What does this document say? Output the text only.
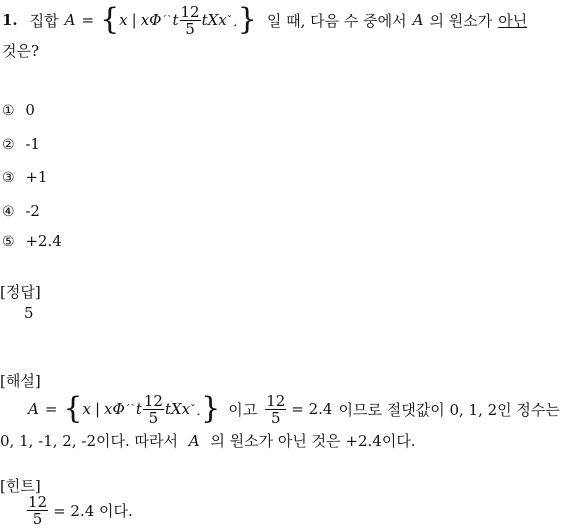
1. 집합 A = { x | xΦ ´` t $\frac{12}{5}$ tXx ˇ ¸ } 일 때, 다음 수 중에서 A 의 원소가 아닌
것은?
① 0
② -1
③ +1
④ -2
⑤ +2.4
[정답]
5
[해설]
A = { x | xΦ ´` t $\frac{12}{5}$ tXx ˇ ¸ } 이고 $\frac{12}{5} = 2.4$ 이므로 절댓값이 0, 1, 2인 정수는
0, 1, -1, 2, -2이다. 따라서 A 의 원소가 아닌 것은 +2.4이다.
[힌트]
$\frac{12}{5} = 2.4$ 이다.
